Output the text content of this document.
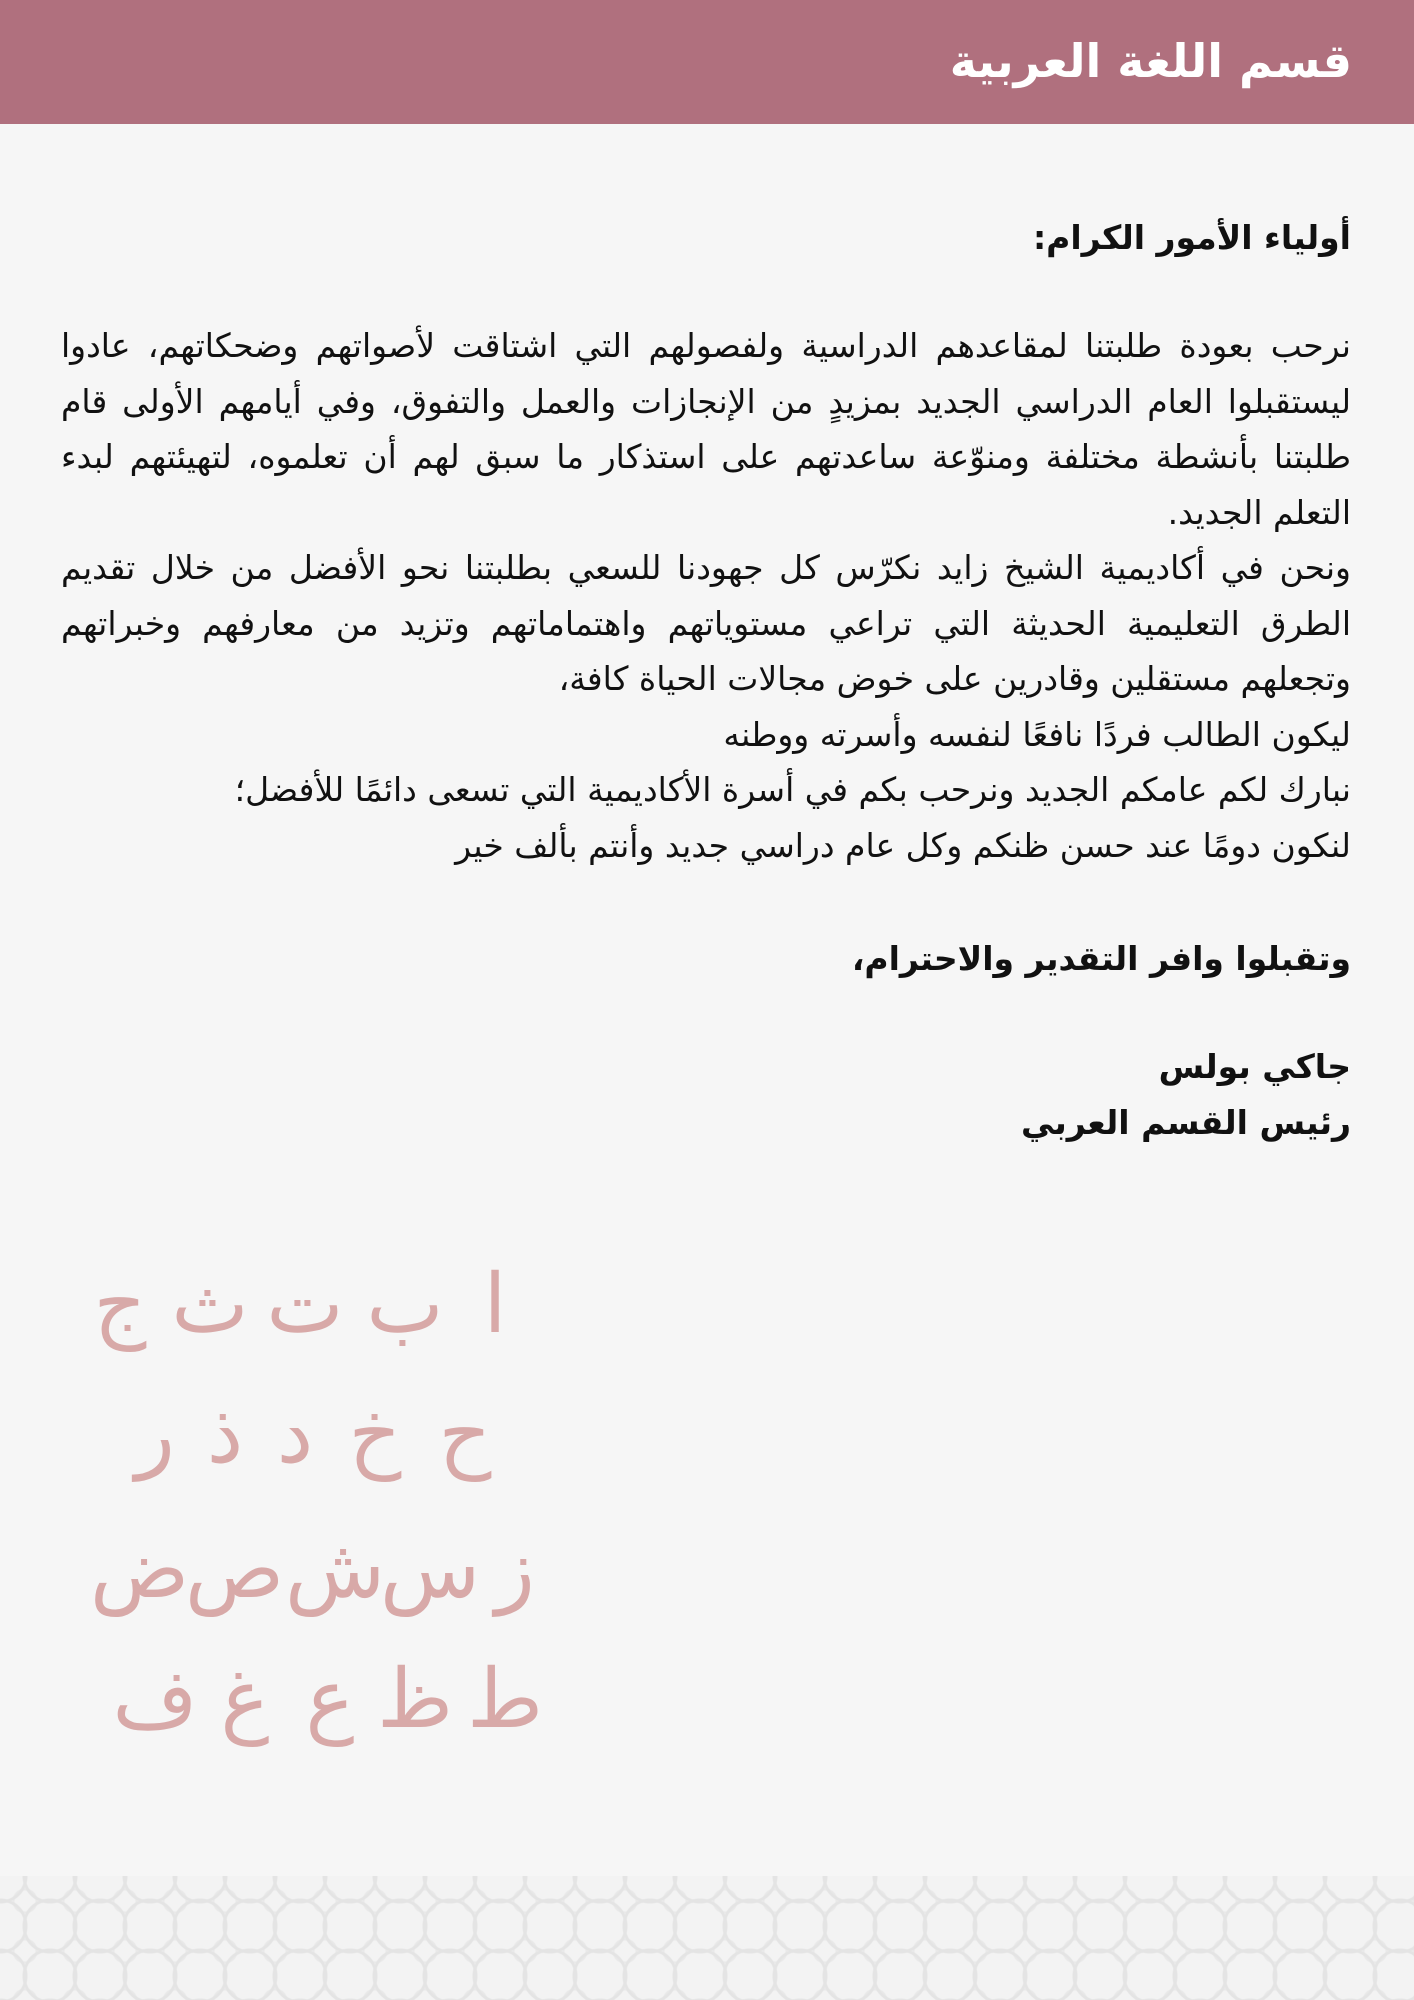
قسم اللغة العربية

أولياء الأمور الكرام:

نرحب بعودة طلبتنا لمقاعدهم الدراسية ولفصولهم التي اشتاقت لأصواتهم وضحكاتهم، عادوا ليستقبلوا العام الدراسي الجديد بمزيدٍ من الإنجازات والعمل والتفوق، وفي أيامهم الأولى قام طلبتنا بأنشطة مختلفة ومنوّعة ساعدتهم على استذكار ما سبق لهم أن تعلموه، لتهيئتهم لبدء التعلم الجديد.

ونحن في أكاديمية الشيخ زايد نكرّس كل جهودنا للسعي بطلبتنا نحو الأفضل من خلال تقديم الطرق التعليمية الحديثة التي تراعي مستوياتهم واهتماماتهم وتزيد من معارفهم وخبراتهم وتجعلهم مستقلين وقادرين على خوض مجالات الحياة كافة،

ليكون الطالب فردًا نافعًا لنفسه وأسرته ووطنه

نبارك لكم عامكم الجديد ونرحب بكم في أسرة الأكاديمية التي تسعى دائمًا للأفضل؛

لنكون دومًا عند حسن ظنكم وكل عام دراسي جديد وأنتم بألف خير

وتقبلوا وافر التقدير والاحترام،

جاكي بولس
رئيس القسم العربي
ا
ب
ت
ث
ج
ح
خ
د
ذ
ر
ز
س
ش
ص
ض
ط
ظ
ع
غ
ف
